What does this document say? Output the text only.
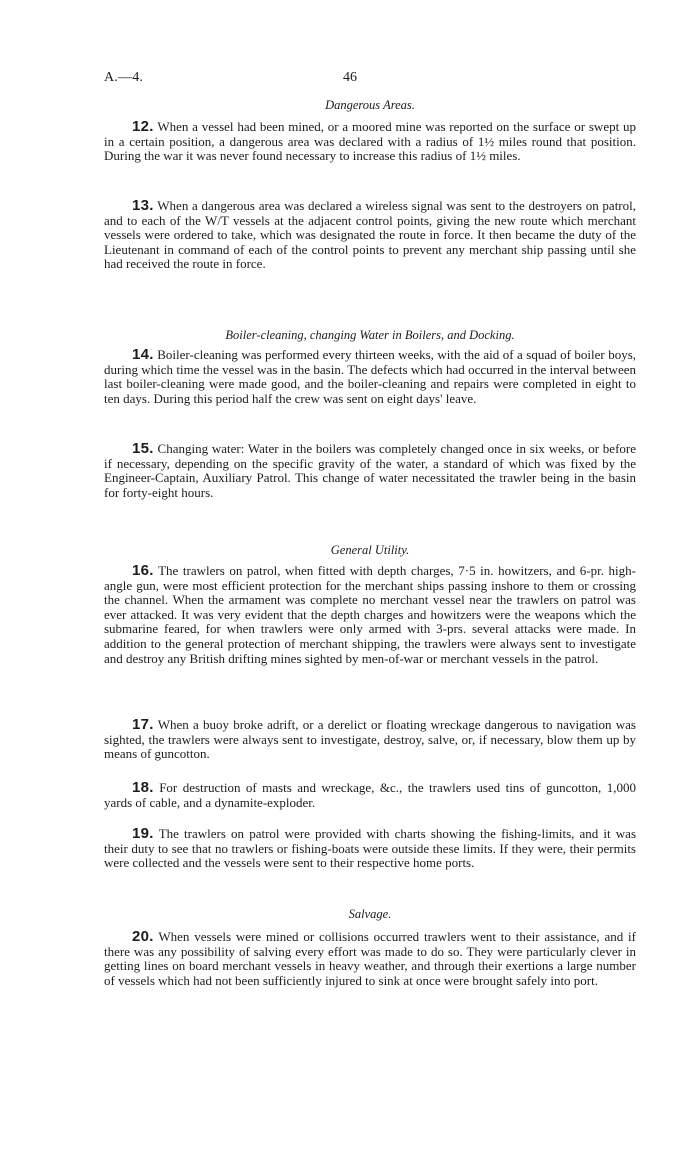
A.—4.	46
Dangerous Areas.

12. When a vessel had been mined, or a moored mine was reported on the surface or swept up in a certain position, a dangerous area was declared with a radius of 1½ miles round that position. During the war it was never found necessary to increase this radius of 1½ miles.

13. When a dangerous area was declared a wireless signal was sent to the destroyers on patrol, and to each of the W/T vessels at the adjacent control points, giving the new route which merchant vessels were ordered to take, which was designated the route in force. It then became the duty of the Lieutenant in command of each of the control points to prevent any merchant ship passing until she had received the route in force.

Boiler-cleaning, changing Water in Boilers, and Docking.

14. Boiler-cleaning was performed every thirteen weeks, with the aid of a squad of boiler boys, during which time the vessel was in the basin. The defects which had occurred in the interval between last boiler-cleaning were made good, and the boiler-cleaning and repairs were completed in eight to ten days. During this period half the crew was sent on eight days' leave.

15. Changing water: Water in the boilers was completely changed once in six weeks, or before if necessary, depending on the specific gravity of the water, a standard of which was fixed by the Engineer-Captain, Auxiliary Patrol. This change of water necessitated the trawler being in the basin for forty-eight hours.

General Utility.

16. The trawlers on patrol, when fitted with depth charges, 7·5 in. howitzers, and 6-pr. high-angle gun, were most efficient protection for the merchant ships passing inshore to them or crossing the channel. When the armament was complete no merchant vessel near the trawlers on patrol was ever attacked. It was very evident that the depth charges and howitzers were the weapons which the submarine feared, for when trawlers were only armed with 3-prs. several attacks were made. In addition to the general protection of merchant shipping, the trawlers were always sent to investigate and destroy any British drifting mines sighted by men-of-war or merchant vessels in the patrol.

17. When a buoy broke adrift, or a derelict or floating wreckage dangerous to navigation was sighted, the trawlers were always sent to investigate, destroy, salve, or, if necessary, blow them up by means of guncotton.

18. For destruction of masts and wreckage, &c., the trawlers used tins of guncotton, 1,000 yards of cable, and a dynamite-exploder.

19. The trawlers on patrol were provided with charts showing the fishing-limits, and it was their duty to see that no trawlers or fishing-boats were outside these limits. If they were, their permits were collected and the vessels were sent to their respective home ports.

Salvage.

20. When vessels were mined or collisions occurred trawlers went to their assistance, and if there was any possibility of salving every effort was made to do so. They were particularly clever in getting lines on board merchant vessels in heavy weather, and through their exertions a large number of vessels which had not been sufficiently injured to sink at once were brought safely into port.
